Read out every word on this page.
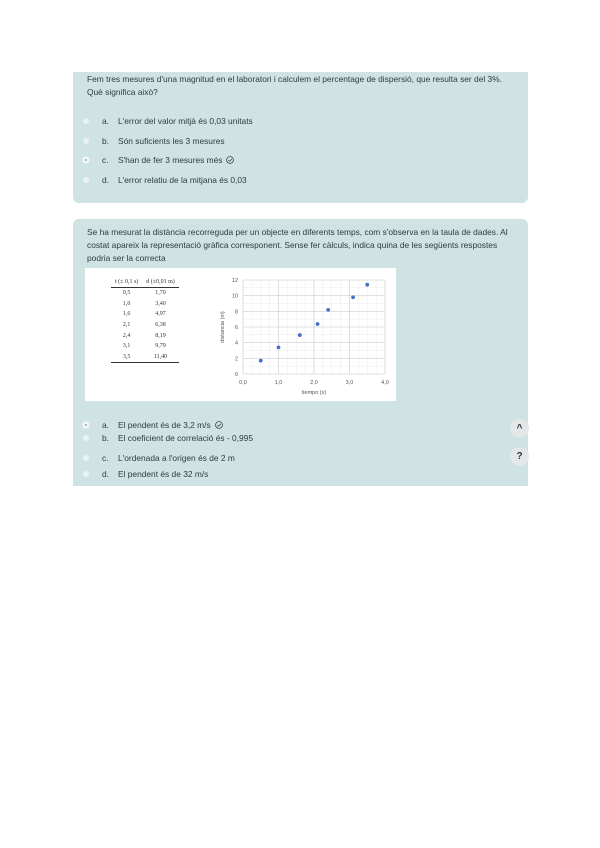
Fem tres mesures d'una magnitud en el laboratori i calculem el percentage de dispersió, que resulta ser del 3%. Què significa això?
a.	L'error del valor mitjà és 0,03 unitats
b.	Són suficients les 3 mesures
c.	S'han de fer 3 mesures més
d.	L'error relatiu de la mitjana és 0,03
Se ha mesurat la distància recorreguda per un objecte en diferents temps, com s'observa en la taula de dades. Al costat apareix la representació gràfica corresponent. Sense fer càlculs, indica quina de les següents respostes podria ser la correcta
t (± 0,1 s)	d (±0,01 m)
0,5	1,70
1,0	3,40
1,6	4,97
2,1	6,38
2,4	8,19
3,1	9,79
3,5	11,40
0,0	1,0	2,0	3,0	4,0
0
2
4
6
8
10
12
tiempo (s)
distancia (m)
a.	El pendent és de 3,2 m/s
b.	El coeficient de correlació és - 0,995
c.	L'ordenada a l'origen és de 2 m
d.	El pendent és de 32 m/s
^
?
